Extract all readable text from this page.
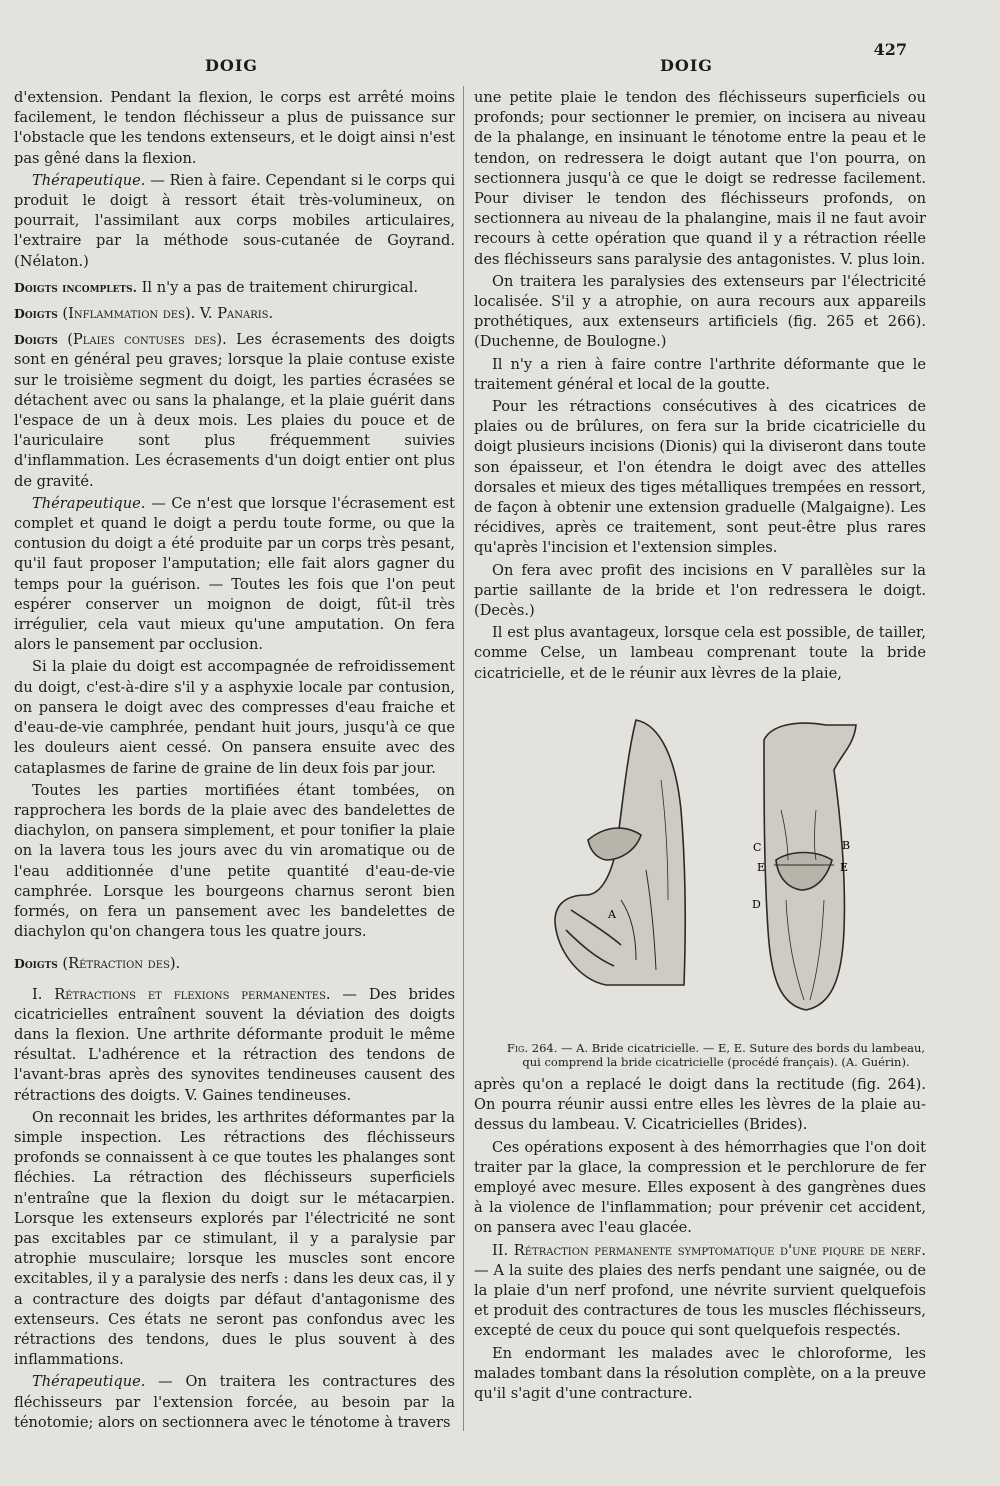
DOIG	DOIG
427

d'extension. Pendant la flexion, le corps est arrêté moins facilement, le tendon fléchisseur a plus de puissance sur l'obstacle que les tendons extenseurs, et le doigt ainsi n'est pas gêné dans la flexion.

Thérapeutique. — Rien à faire. Cependant si le corps qui produit le doigt à ressort était très-volumineux, on pourrait, l'assimilant aux corps mobiles articulaires, l'extraire par la méthode sous-cutanée de Goyrand. (Nélaton.)

Doigts incomplets. Il n'y a pas de traitement chirurgical.

Doigts (Inflammation des). V. Panaris.

Doigts (Plaies contuses des). Les écrasements des doigts sont en général peu graves; lorsque la plaie contuse existe sur le troisième segment du doigt, les parties écrasées se détachent avec ou sans la phalange, et la plaie guérit dans l'espace de un à deux mois. Les plaies du pouce et de l'auriculaire sont plus fréquemment suivies d'inflammation. Les écrasements d'un doigt entier ont plus de gravité.

Thérapeutique. — Ce n'est que lorsque l'écrasement est complet et quand le doigt a perdu toute forme, ou que la contusion du doigt a été produite par un corps très pesant, qu'il faut proposer l'amputation; elle fait alors gagner du temps pour la guérison. — Toutes les fois que l'on peut espérer conserver un moignon de doigt, fût-il très irrégulier, cela vaut mieux qu'une amputation. On fera alors le pansement par occlusion.

Si la plaie du doigt est accompagnée de refroidissement du doigt, c'est-à-dire s'il y a asphyxie locale par contusion, on pansera le doigt avec des compresses d'eau fraiche et d'eau-de-vie camphrée, pendant huit jours, jusqu'à ce que les douleurs aient cessé. On pansera ensuite avec des cataplasmes de farine de graine de lin deux fois par jour.

Toutes les parties mortifiées étant tombées, on rapprochera les bords de la plaie avec des bandelettes de diachylon, on pansera simplement, et pour tonifier la plaie on la lavera tous les jours avec du vin aromatique ou de l'eau additionnée d'une petite quantité d'eau-de-vie camphrée. Lorsque les bourgeons charnus seront bien formés, on fera un pansement avec les bandelettes de diachylon qu'on changera tous les quatre jours.

Doigts (Rétraction des).

I. Rétractions et flexions permanentes. — Des brides cicatricielles entraînent souvent la déviation des doigts dans la flexion. Une arthrite déformante produit le même résultat. L'adhérence et la rétraction des tendons de l'avant-bras après des synovites tendineuses causent des rétractions des doigts. V. Gaines tendineuses.

On reconnait les brides, les arthrites déformantes par la simple inspection. Les rétractions des fléchisseurs profonds se connaissent à ce que toutes les phalanges sont fléchies. La rétraction des fléchisseurs superficiels n'entraîne que la flexion du doigt sur le métacarpien. Lorsque les extenseurs explorés par l'électricité ne sont pas excitables par ce stimulant, il y a paralysie par atrophie musculaire; lorsque les muscles sont encore excitables, il y a paralysie des nerfs : dans les deux cas, il y a contracture des doigts par défaut d'antagonisme des extenseurs. Ces états ne seront pas confondus avec les rétractions des tendons, dues le plus souvent à des inflammations.

Thérapeutique. — On traitera les contractures des fléchisseurs par l'extension forcée, au besoin par la ténotomie; alors on sectionnera avec le ténotome à travers

une petite plaie le tendon des fléchisseurs superficiels ou profonds; pour sectionner le premier, on incisera au niveau de la phalange, en insinuant le ténotome entre la peau et le tendon, on redressera le doigt autant que l'on pourra, on sectionnera jusqu'à ce que le doigt se redresse facilement. Pour diviser le tendon des fléchisseurs profonds, on sectionnera au niveau de la phalangine, mais il ne faut avoir recours à cette opération que quand il y a rétraction réelle des fléchisseurs sans paralysie des antagonistes. V. plus loin.

On traitera les paralysies des extenseurs par l'électricité localisée. S'il y a atrophie, on aura recours aux appareils prothétiques, aux extenseurs artificiels (fig. 265 et 266). (Duchenne, de Boulogne.)

Il n'y a rien à faire contre l'arthrite déformante que le traitement général et local de la goutte.

Pour les rétractions consécutives à des cicatrices de plaies ou de brûlures, on fera sur la bride cicatricielle du doigt plusieurs incisions (Dionis) qui la diviseront dans toute son épaisseur, et l'on étendra le doigt avec des attelles dorsales et mieux des tiges métalliques trempées en ressort, de façon à obtenir une extension graduelle (Malgaigne). Les récidives, après ce traitement, sont peut-être plus rares qu'après l'incision et l'extension simples.

On fera avec profit des incisions en V parallèles sur la partie saillante de la bride et l'on redressera le doigt. (Decès.)

Il est plus avantageux, lorsque cela est possible, de tailler, comme Celse, un lambeau comprenant toute la bride cicatricielle, et de le réunir aux lèvres de la plaie,

A
C
E
B
E
D
Fig. 264. — A. Bride cicatricielle. — E, E. Suture des bords du lambeau, qui comprend la bride cicatricielle (procédé français). (A. Guérin).

après qu'on a replacé le doigt dans la rectitude (fig. 264). On pourra réunir aussi entre elles les lèvres de la plaie au-dessus du lambeau. V. Cicatricielles (Brides).

Ces opérations exposent à des hémorrhagies que l'on doit traiter par la glace, la compression et le perchlorure de fer employé avec mesure. Elles exposent à des gangrènes dues à la violence de l'inflammation; pour prévenir cet accident, on pansera avec l'eau glacée.

II. Rétraction permanente symptomatique d'une piqure de nerf. — A la suite des plaies des nerfs pendant une saignée, ou de la plaie d'un nerf profond, une névrite survient quelquefois et produit des contractures de tous les muscles fléchisseurs, excepté de ceux du pouce qui sont quelquefois respectés.

En endormant les malades avec le chloroforme, les malades tombant dans la résolution complète, on a la preuve qu'il s'agit d'une contracture.
